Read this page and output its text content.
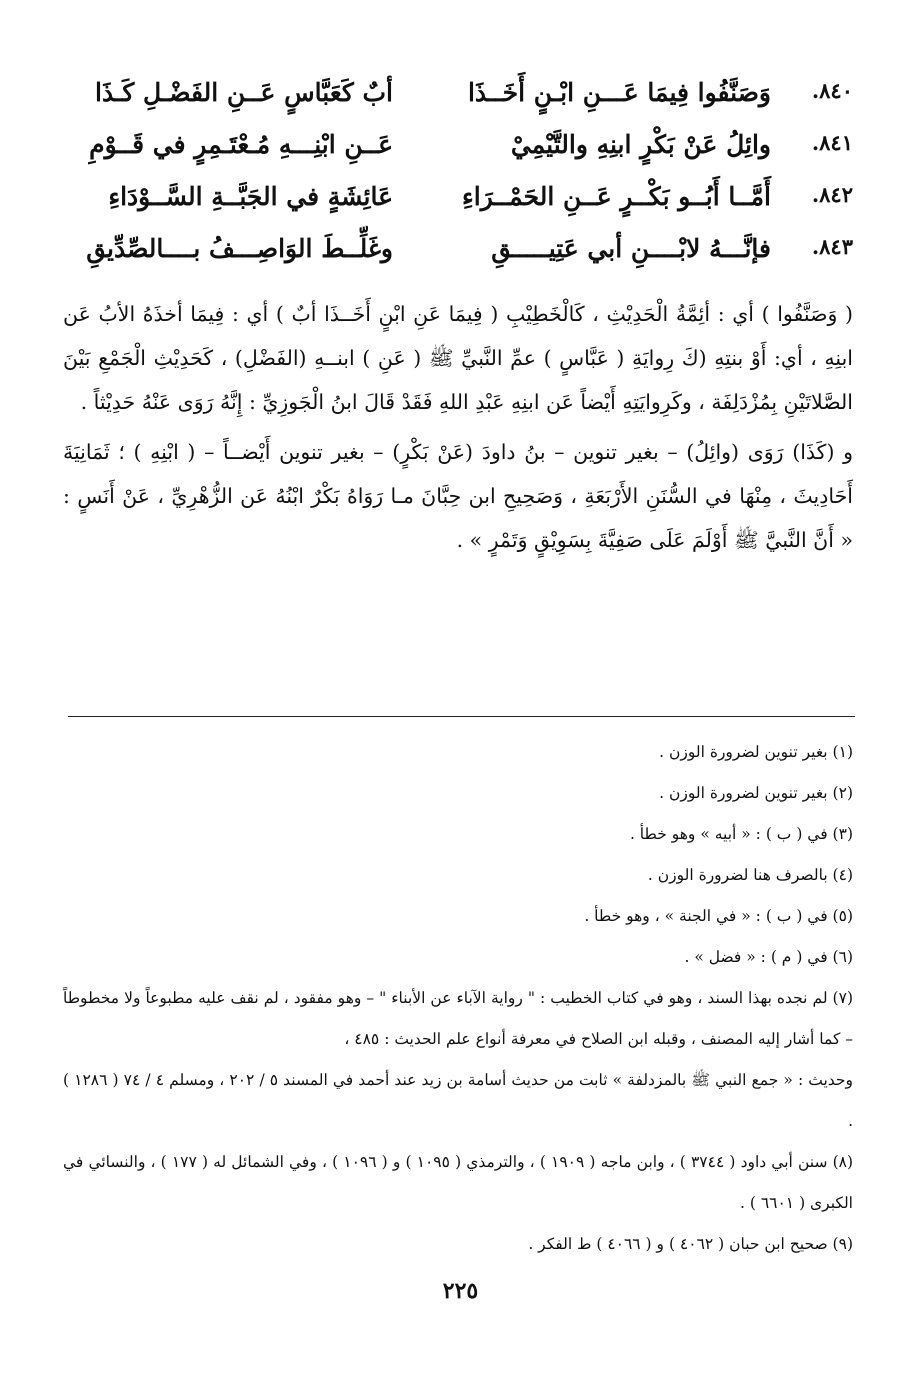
٨٤٠.
وَصَنَّفُوا فِيمَا عَـــنِ ابْـنٍ أَخَــذَا
أبٌ كَعَبَّاسٍ عَــنِ الفَضْـلِ كَـذَا
٨٤١.
وائِلُ عَنْ بَكْرٍ ابنِهِ والتَّيْمِيْ
عَــنِ ابْنِـــهِ مُـعْتَـمِرٍ في قَــوْمِ
٨٤٢.
أَمَّــا أَبُــو بَكْــرٍ عَــنِ الحَمْــرَاءِ
عَائِشَةٍ في الجَبَّــةِ السَّــوْدَاءِ
٨٤٣.
فإنَّـــهُ لابْــــنِ أبي عَتِيـــــقِ
وغَلِّــطَ الوَاصِـــفُ بــــالصِّدِّيقِ

( وَصَنَّفُوا ) أي : أئِمَّةُ الْحَدِيْثِ ، كَالْخَطِيْبِ ( فِيمَا عَنِ ابْنٍ أَخَــذَا أبٌ ) أي : فِيمَا أخذَهُ الأبُ عَن ابنِهِ ، أي: أَوْ بنتِهِ (كَ رِوايَةِ ( عَبَّاسٍ ) عمِّ النَّبيِّ ﷺ ( عَنِ ) ابنــهِ (الفَضْلِ) ، كَحَدِيْثِ الْجَمْعِ بَيْنَ الصَّلاتَيْنِ بِمُزْدَلِفَة ، وكَرِوايَتِهِ أَيْضاً عَن ابنِهِ عَبْدِ اللهِ فَقَدْ قَالَ ابنُ الْجَوزِيِّ : إِنَّهُ رَوَى عَنْهُ حَدِيْثاً .

و (كَذَا) رَوَى (وائِلُ) – بغير تنوين – بنُ داودَ (عَنْ بَكْرٍ) – بغير تنوين أَيْضــاً – ( ابْنِهِ ) ؛ ثَمَانِيَةَ أَحَادِيثَ ، مِنْهَا في السُّنَنِ الأَرْبَعَةِ ، وَصَحِيحِ ابن حِبَّانَ مـا رَوَاهُ بَكْرٌ ابْنُهُ عَن الزُّهْرِيِّ ، عَنْ أَنَسٍ : « أَنَّ النَّبيَّ ﷺ أَوْلَمَ عَلَى صَفِيَّةَ بِسَوِيْقٍ وَتَمْرٍ » .

(١) بغير تنوين لضرورة الوزن .

(٢) بغير تنوين لضرورة الوزن .

(٣) في ( ب ) : « أبيه » وهو خطأ .

(٤) بالصرف هنا لضرورة الوزن .

(٥) في ( ب ) : « في الجنة » ، وهو خطأ .

(٦) في ( م ) : « فضل » .

(٧) لم نجده بهذا السند ، وهو في كتاب الخطيب : " رواية الآباء عن الأبناء " – وهو مفقود ، لم نقف عليه مطبوعاً ولا مخطوطاً – كما أشار إليه المصنف ، وقبله ابن الصلاح في معرفة أنواع علم الحديث : ٤٨٥ ،
وحديث : « جمع النبي ﷺ بالمزدلفة » ثابت من حديث أسامة بن زيد عند أحمد في المسند ٥ / ٢٠٢ ، ومسلم ٤ / ٧٤ ( ١٢٨٦ ) .

(٨) سنن أبي داود ( ٣٧٤٤ ) ، وابن ماجه ( ١٩٠٩ ) ، والترمذي ( ١٠٩٥ ) و ( ١٠٩٦ ) ، وفي الشمائل له ( ١٧٧ ) ، والنسائي في الكبرى ( ٦٦٠١ ) .

(٩) صحيح ابن حبان ( ٤٠٦٢ ) و ( ٤٠٦٦ ) ط الفكر .

٢٢٥
